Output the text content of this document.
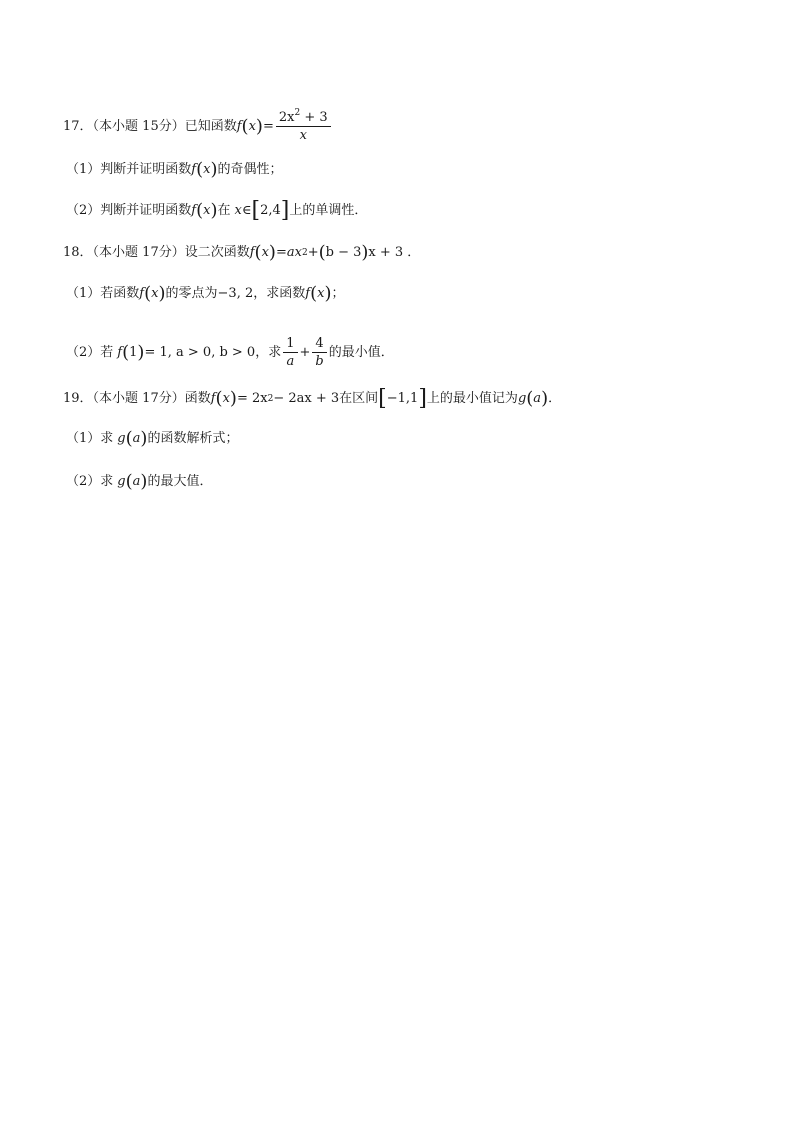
17 ．（本小题 15分）已知函数 f ( x ) = $\frac{2x^2 + 3}{x}$
（1） 判断并证明函数 f ( x ) 的奇偶性；
（2） 判断并证明函数 f ( x ) 在 x ∈ [ 2,4 ] 上的单调性．
18 ．（本小题 17分）设二次函数 f ( x ) = ax 2 + ( b − 3 ) x + 3 ．
（1） 若函数 f ( x ) 的零点为 −3, 2 ，求函数 f ( x ) ；
（2） 若 f ( 1 ) = 1, a > 0, b > 0 ，求 $\frac{1}{a} + \frac{4}{b}$ 的最小值．
19 ．（本小题 17分）函数 f ( x ) = 2x 2 − 2ax + 3 在区间 [ −1,1 ] 上的最小值记为 g ( a ) ．
（1） 求 g ( a ) 的函数解析式；
（2） 求 g ( a ) 的最大值．
